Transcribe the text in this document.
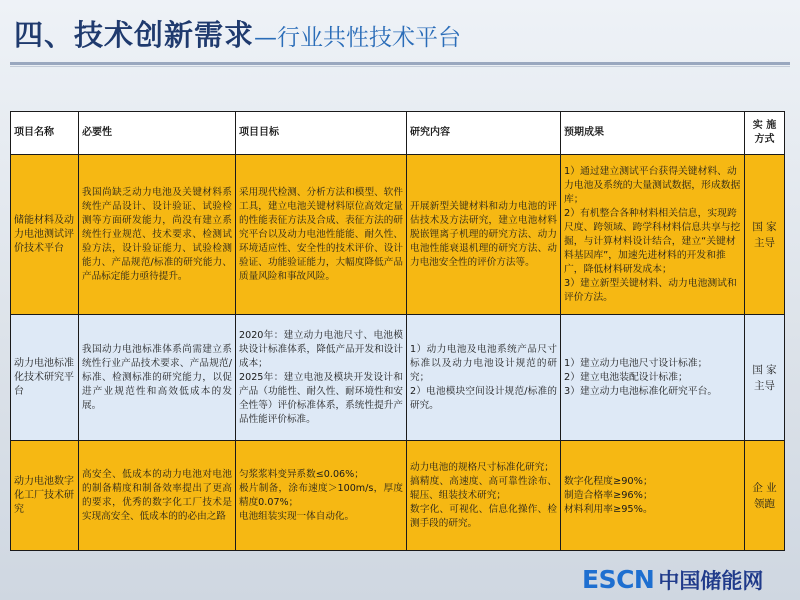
四、技术创新需求—行业共性技术平台
项目名称	必要性	项目目标	研究内容	预期成果	实 施方式
储能材料及动力电池测试评价技术平台	我国尚缺乏动力电池及关键材料系统性产品设计、设计验证、试验检测等方面研发能力，尚没有建立系统性行业规范、技术要求、检测试验方法，设计验证能力、试验检测能力、产品规范/标准的研究能力、产品标定能力亟待提升。	采用现代检测、分析方法和模型、软件工具，建立电池关键材料原位高效定量的性能表征方法及合成、表征方法的研究平台以及动力电池性能能、耐久性、环境适应性、安全性的技术评价、设计验证、功能验证能力，大幅度降低产品质量风险和事故风险。	开展新型关键材料和动力电池的评估技术及方法研究，建立电池材料脱嵌锂离子机理的研究方法、动力电池性能衰退机理的研究方法、动力电池安全性的评价方法等。	1）通过建立测试平台获得关键材料、动力电池及系统的大量测试数据，形成数据库；
2）有机整合各种材料相关信息，实现跨尺度、跨领域、跨学科材料信息共享与挖掘，与计算材料设计结合，建立“关键材料基因库”，加速先进材料的开发和推广，降低材料研发成本；
3）建立新型关键材料、动力电池测试和评价方法。	国 家
主导
动力电池标准化技术研究平台	我国动力电池标准体系尚需建立系统性行业产品技术要求、产品规范/标准、检测标准的研究能力，以促进产业规范性和高效低成本的发展。	2020年：建立动力电池尺寸、电池模块设计标准体系，降低产品开发和设计成本；
2025年：建立电池及模块开发设计和产品（功能性、耐久性、耐环境性和安全性等）评价标准体系，系统性提升产品性能评价标准。	1）动力电池及电池系统产品尺寸标准以及动力电池设计规范的研究；
2）电池模块空间设计规范/标准的研究。	1）建立动力电池尺寸设计标准；
2）建立电池装配设计标准；
3）建立动力电池标准化研究平台。	国 家
主导
动力电池数字化工厂技术研究	高安全、低成本的动力电池对电池的制备精度和制备效率提出了更高的要求，优秀的数字化工厂技术是实现高安全、低成本的的必由之路	匀浆浆料变异系数≤0.06%；
极片制备，涂布速度＞100m/s，厚度精度0.07%；
电池组装实现一体自动化。	动力电池的规格尺寸标准化研究；
搞精度、高速度、高可靠性涂布、辊压、组装技术研究；
数字化、可视化、信息化操作、检测手段的研究。	数字化程度≥90%；
制造合格率≥96%；
材料利用率≥95%。	企 业
领跑
ESCN 中国储能网
